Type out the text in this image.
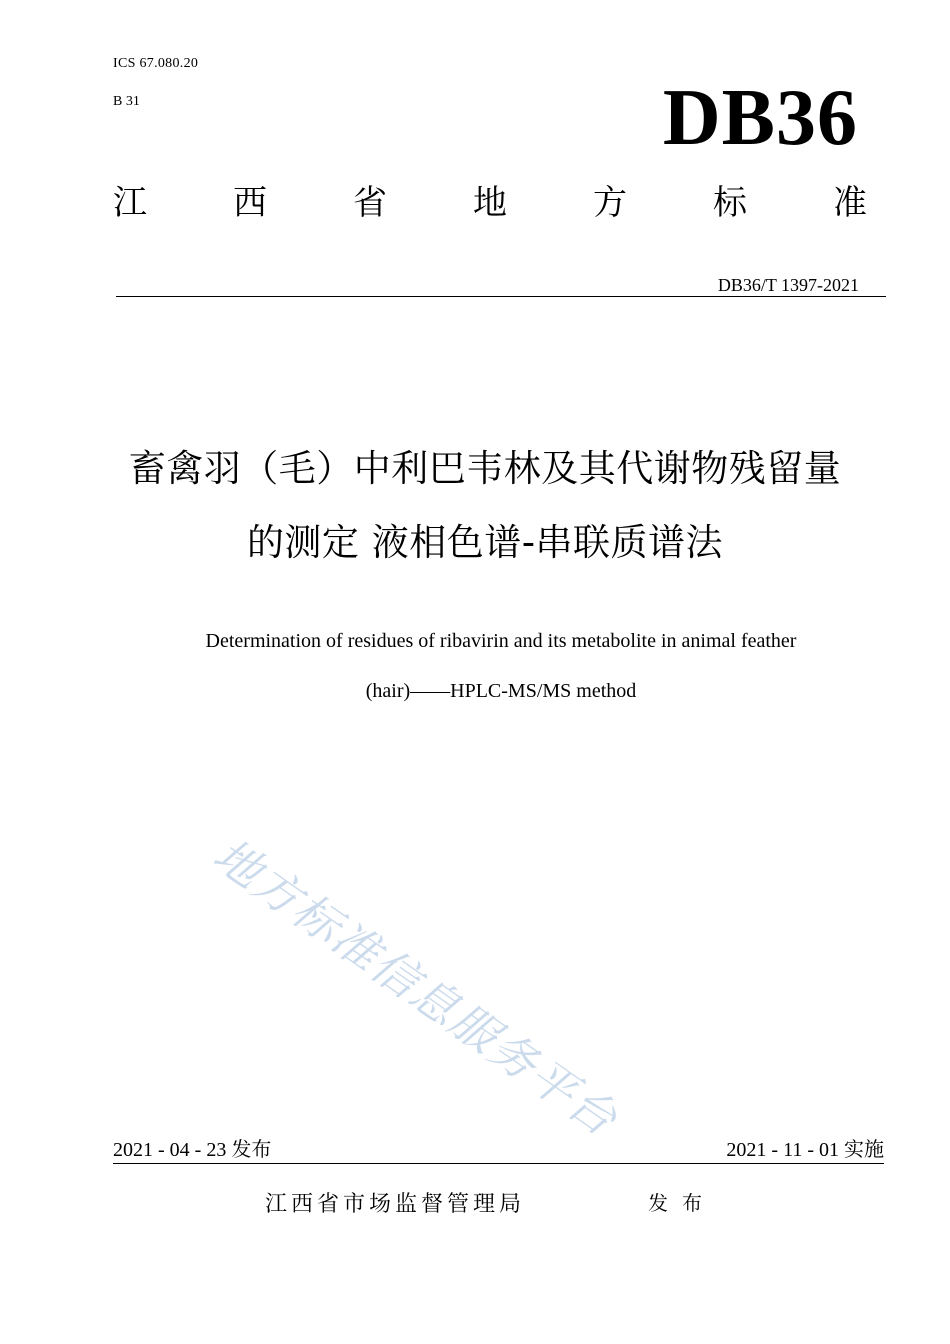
ICS 67.080.20
B 31	DB36
江	西	省	地	方	标	准
DB36/T 1397-2021
畜禽羽（毛）中利巴韦林及其代谢物残留量
的测定 液相色谱-串联质谱法
Determination of residues of ribavirin and its metabolite in animal feather
(hair)——HPLC-MS/MS method
地方标准信息服务平台
2021 - 04 - 23 发布	2021 - 11 - 01 实施
江西省市场监督管理局	发布
